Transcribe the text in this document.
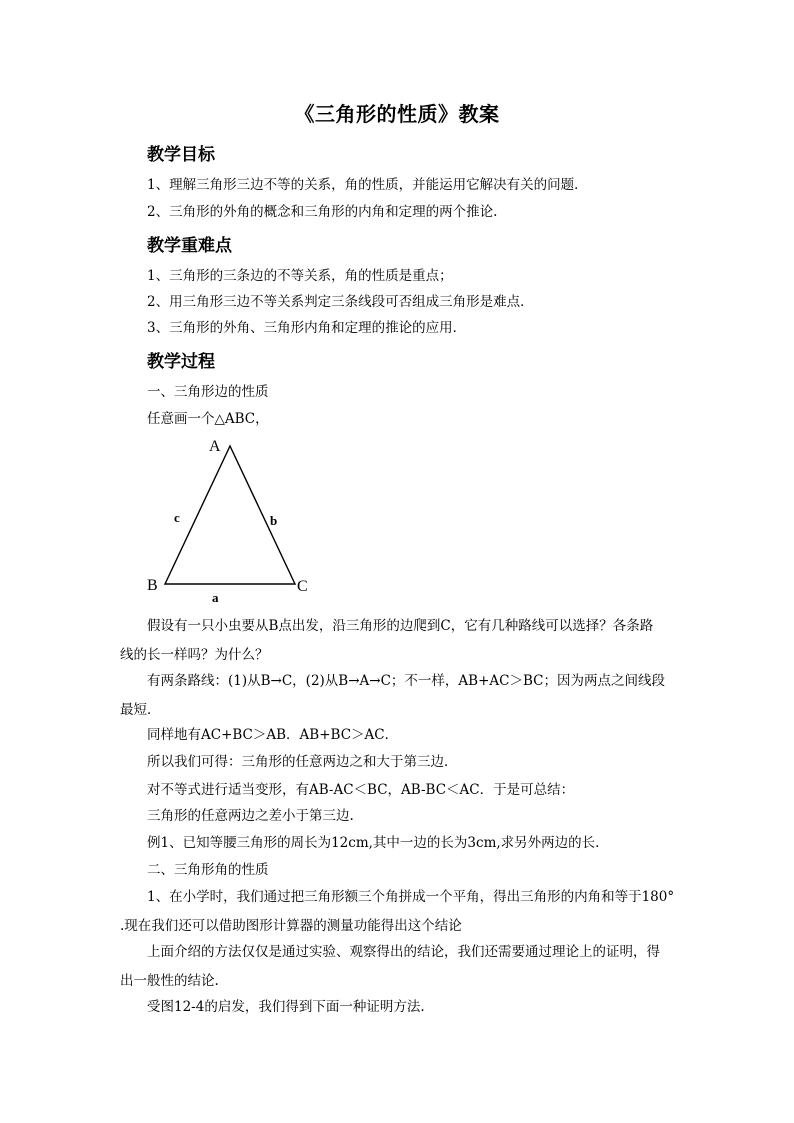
《三角形的性质》教案
教学目标
1、理解三角形三边不等的关系，角的性质，并能运用它解决有关的问题．
2、三角形的外角的概念和三角形的内角和定理的两个推论.
教学重难点
1、三角形的三条边的不等关系，角的性质是重点；
2、用三角形三边不等关系判定三条线段可否组成三角形是难点．
3、三角形的外角、三角形内角和定理的推论的应用．
教学过程
一、三角形边的性质
任意画一个△ABC，
A
B	C
c	b
a
假设有一只小虫要从B点出发，沿三角形的边爬到C，它有几种路线可以选择？各条路
线的长一样吗？为什么？
有两条路线：(1)从B→C，(2)从B→A→C；不一样，AB+AC＞BC；因为两点之间线段
最短．
同样地有AC+BC＞AB．AB+BC＞AC．
所以我们可得：三角形的任意两边之和大于第三边．
对不等式进行适当变形，有AB-AC＜BC，AB-BC＜AC．于是可总结：
三角形的任意两边之差小于第三边.
例1、已知等腰三角形的周长为12cm,其中一边的长为3cm,求另外两边的长.
二、三角形角的性质
1、在小学时，我们通过把三角形额三个角拼成一个平角，得出三角形的内角和等于180°
.现在我们还可以借助图形计算器的测量功能得出这个结论
上面介绍的方法仅仅是通过实验、观察得出的结论，我们还需要通过理论上的证明，得
出一般性的结论.
受图12-4的启发，我们得到下面一种证明方法.
